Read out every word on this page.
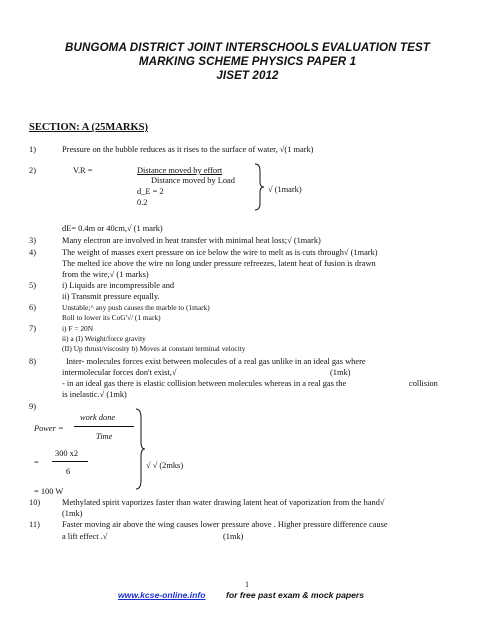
BUNGOMA DISTRICT JOINT INTERSCHOOLS EVALUATION TEST
MARKING SCHEME PHYSICS PAPER 1
JISET 2012
SECTION: A (25MARKS)
1)	Pressure on the bubble reduces as it rises to the surface of water, √(1 mark)
2)	V.R =	Distance moved by effort
Distance moved by Load
d_E = 2
0.2
√ (1mark)
dE= 0.4m or 40cm,√ (1 mark)
3)	Many electron are involved in heat transfer with minimal heat loss;√ (1mark)
4)	The weight of masses exert pressure on ice below the wire to melt as is cuts through√ (1mark)
The melted ice above the wire no long under pressure refreezes, latent heat of fusion is drawn
from the wire,√ (1 marks)
5)	i) Liquids are incompressible and
ii) Transmit pressure equally.
6)	Unstable;^ any push causes the marble to (1mark)
Roll to lower its CoG'√/ (1 mark)
7)	i) F = 20N
ii) a (I) Weight/force gravity
(II) Up thrust/viscosity b) Moves at constant terminal velocity
8)	Inter- molecules forces exist between molecules of a real gas unlike in an ideal gas where
intermolecular forces don't exist,√	(1mk)
- in an ideal gas there is elastic collision between molecules whereas in a real gas the	collision
is inelastic.√ (1mk)
9)
work done
Power =
Time
300 x2
=
6
= 100 W
√ √ (2mks)
10)	Methylated spirit vaporizes faster than water drawing latent heat of vaporization from the hand√
(1mk)
11)	Faster moving air above the wing causes lower pressure above . Higher pressure difference cause
a lift effect .√	(1mk)
1
www.kcse-online.info for free past exam & mock papers
